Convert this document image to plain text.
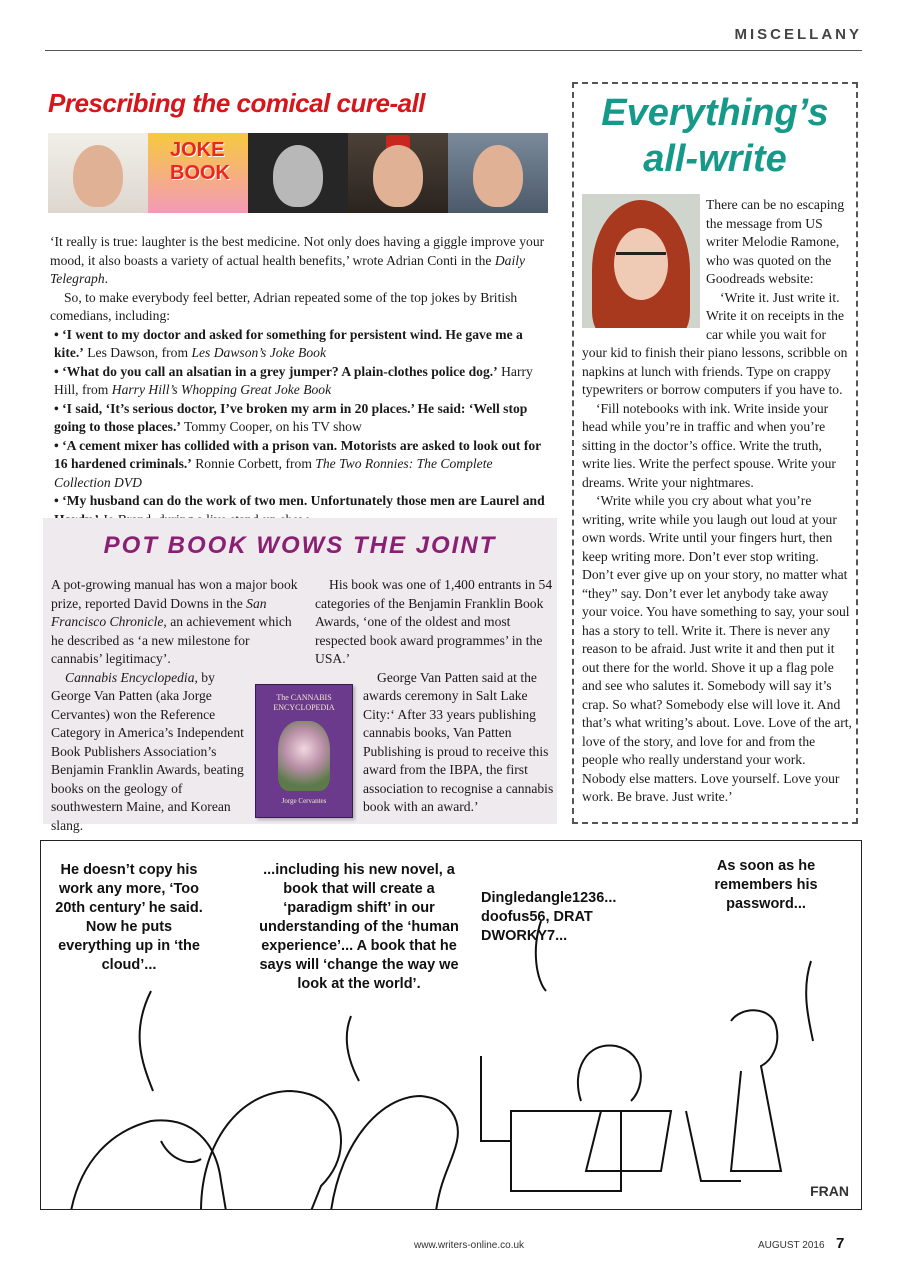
MISCELLANY
Prescribing the comical cure-all
JOKE BOOK

‘It really is true: laughter is the best medicine. Not only does having a giggle improve your mood, it also boasts a variety of actual health benefits,’ wrote Adrian Conti in the Daily Telegraph.

So, to make everybody feel better, Adrian repeated some of the top jokes by British comedians, including:

• ‘I went to my doctor and asked for something for persistent wind. He gave me a kite.’ Les Dawson, from Les Dawson’s Joke Book

• ‘What do you call an alsatian in a grey jumper? A plain-clothes police dog.’ Harry Hill, from Harry Hill’s Whopping Great Joke Book

• ‘I said, ‘It’s serious doctor, I’ve broken my arm in 20 places.’ He said: ‘Well stop going to those places.’ Tommy Cooper, on his TV show

• ‘A cement mixer has collided with a prison van. Motorists are asked to look out for 16 hardened criminals.’ Ronnie Corbett, from The Two Ronnies: The Complete Collection DVD

• ‘My husband can do the work of two men. Unfortunately those men are Laurel and

POT BOOK WOWS THE JOINT

A pot-growing manual has won a major book prize, reported David Downs in the San Francisco Chronicle, an achievement which he described as ‘a new milestone for cannabis’ legitimacy’.

Cannabis Encyclopedia, by George Van Patten (aka Jorge Cervantes) won the Reference Category in America’s Independent Book Publishers Association’s Benjamin Franklin Awards, beating books on the geology of southwestern Maine, and Korean slang.

His book was one of 1,400 entrants in 54 categories of the Benjamin Franklin Book Awards, ‘one of the oldest and most respected book award programmes’ in the USA.’

George Van Patten said at the awards ceremony in Salt Lake City:‘ After 33 years publishing cannabis books, Van Patten Publishing is proud to receive this award from the IBPA, the first association to recognise a cannabis book with an award.’

The CANNABIS ENCYCLOPEDIA
Jorge Cervantes
Everything’s
all-write

There can be no escaping the message from US writer Melodie Ramone, who was quoted on the Goodreads website:

‘Write it. Just write it. Write it on receipts in the car while you wait for your kid to finish their piano lessons, scribble on napkins at lunch with friends. Type on crappy typewriters or borrow computers if you have to.

‘Fill notebooks with ink. Write inside your head while you’re in traffic and when you’re sitting in the doctor’s office. Write the truth, write lies. Write the perfect spouse. Write your dreams. Write your nightmares.

‘Write while you cry about what you’re writing, write while you laugh out loud at your own words. Write until your fingers hurt, then keep writing more. Don’t ever stop writing. Don’t ever give up on your story, no matter what “they” say. Don’t ever let anybody take away your voice. You have something to say, your soul has a story to tell. Write it. There is never any reason to be afraid. Just write it and then put it out there for the world. Shove it up a flag pole and see who salutes it. Somebody will say it’s crap. So what? Somebody else will love it. And that’s what writing’s about. Love. Love of the art, love of the story, and love for and from the people who really understand your work. Nobody else matters. Love yourself. Love your work. Be brave. Just write.’

He doesn’t copy his work any more, ‘Too 20th century’ he said. Now he puts everything up in ‘the cloud’...
...including his new novel, a book that will create a ‘paradigm shift’ in our understanding of the ‘human experience’... A book that he says will ‘change the way we look at the world’.
Dingledangle1236... doofus56, DRAT DWORKY7...
As soon as he remembers his password...
FRAN
www.writers-online.co.uk	AUGUST 2016 7
